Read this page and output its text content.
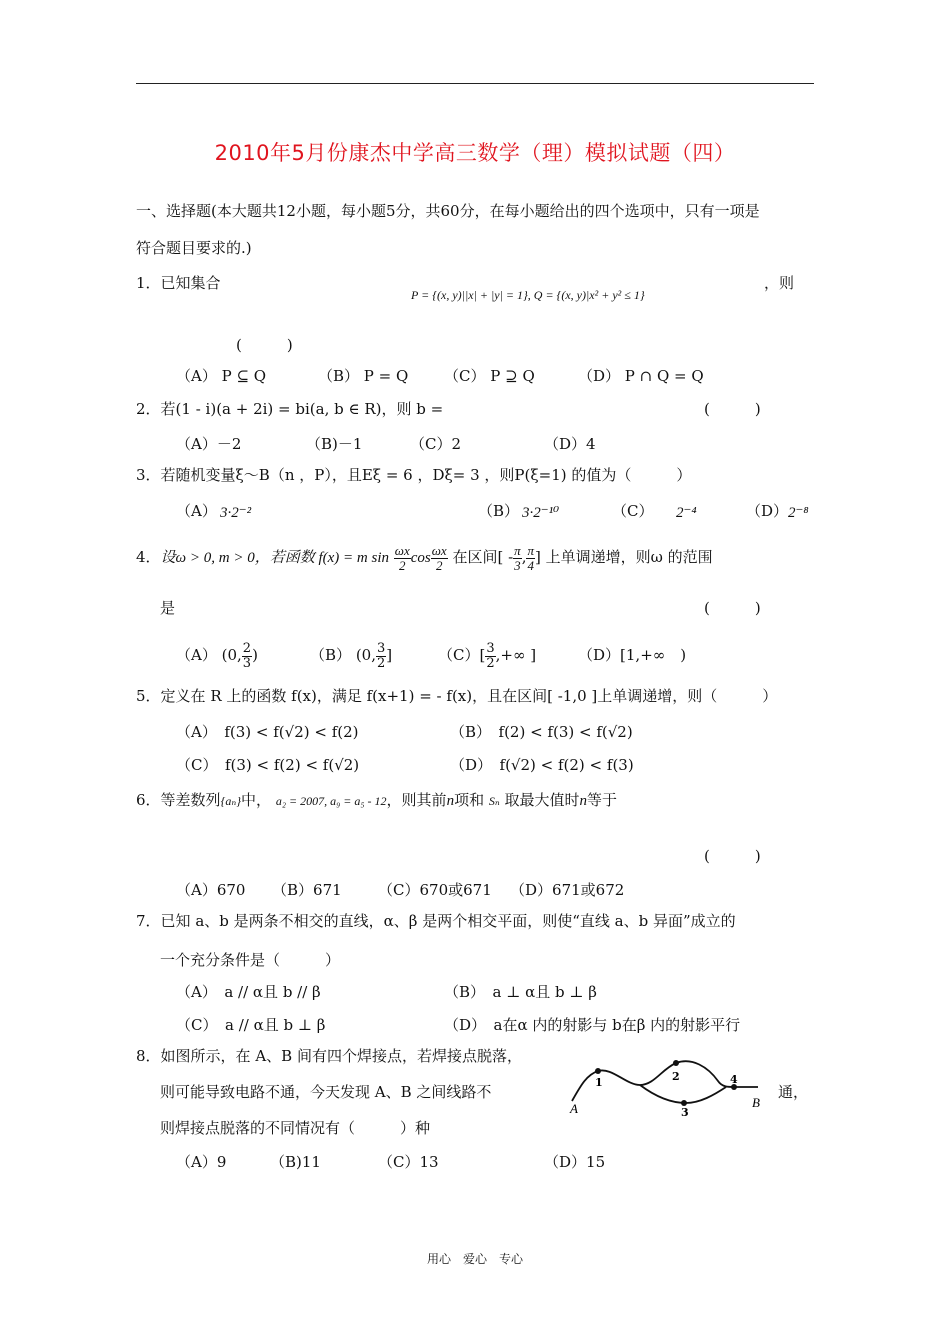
2010年5月份康杰中学高三数学（理）模拟试题（四）
一、选择题(本大题共12小题，每小题5分，共60分，在每小题给出的四个选项中，只有一项是
符合题目要求的.)
1．已知集合
P = {(x, y)||x| + |y| = 1}, Q = {(x, y)|x² + y² ≤ 1}
，则
(　　　)
（A） P ⊆ Q	（B） P = Q （C） P ⊇ Q	（D） P ∩ Q = Q
2．若(1 - i)(a + 2i) = bi(a, b ∈ R)，则 b =	(　　　)
（A）－2	（B)－1	（C）2	（D）4
3．若随机变量ξ～B（n ，P），且Eξ = 6 ，Dξ= 3 ，则P(ξ=1) 的值为（　　　）
（A） 3·2⁻²	（B） 3·2⁻¹⁰	（C） 2⁻⁴	（D） 2⁻⁸
4．设ω > 0, m > 0，若函数 f(x) = m $\sin \frac{\omega x}{2}$ $\cos \frac{\omega x}{2}$ 在区间[ - $\frac{\pi}{3}$ , $\frac{\pi}{4}$ ] 上单调递增，则ω 的范围
是	(　　　)
（A） (0, $\frac{2}{3}$ )	（B） (0, $\frac{3}{2}$ ]	$(C)[ \frac{3}{2}$ ,+∞ ]	（D）[1,+∞　)
5．定义在 R 上的函数 f(x)，满足 f(x+1) = - f(x)，且在区间[ -1,0 ]上单调递增，则（　　　）
（A）　f(3) < f(√2) < f(2)	（B）　f(2) < f(3) < f(√2)
（C）　f(3) < f(2) < f(√2)	（D）　f(√2) < f(2) < f(3)
6．等差数列{aₙ}中， a₂ = 2007, a₉ = a₅ - 12，则其前n项和 Sₙ 取最大值时n等于
(　　　)
（A）670 （B）671 （C）670或671 （D）671或672
7．已知 a、b 是两条不相交的直线，α、β 是两个相交平面，则使“直线 a、b 异面”成立的
一个充分条件是（　　　）
（A）　a // α且 b // β	（B）　a ⊥ α且 b ⊥ β
（C）　a // α且 b ⊥ β	（D）　a在α 内的射影与 b在β 内的射影平行
8．如图所示，在 A、B 间有四个焊接点，若焊接点脱落，
则可能导致电路不通，今天发现 A、B 之间线路不	通，
则焊接点脱落的不同情况有（　　　）种
（A）9	（B)11	（C）13	（D）15
1	2
3
4
A	B
用心　爱心　专心
